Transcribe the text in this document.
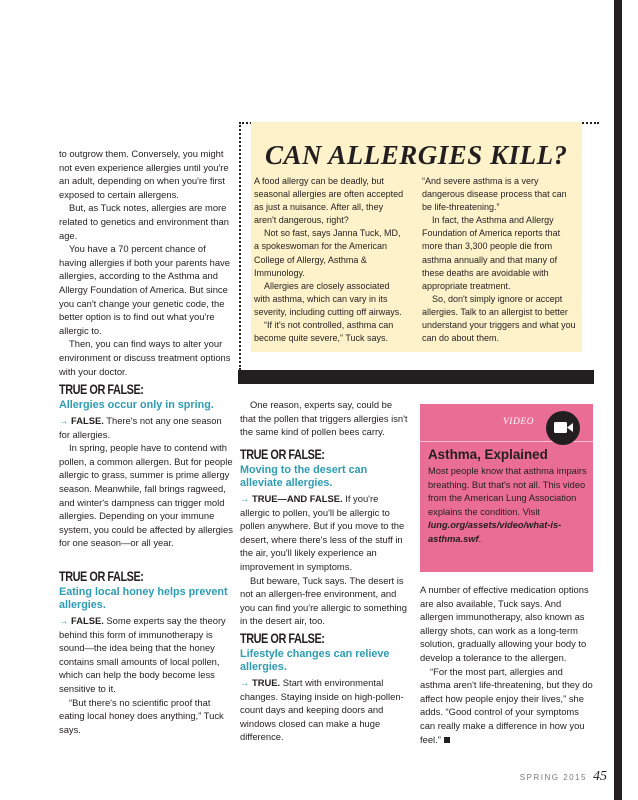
to outgrow them. Conversely, you might not even experience allergies until you're an adult, depending on when you're first exposed to certain allergens.

But, as Tuck notes, allergies are more related to genetics and environment than age.

You have a 70 percent chance of having allergies if both your parents have allergies, according to the Asthma and Allergy Foundation of America. But since you can't change your genetic code, the better option is to find out what you're allergic to.

Then, you can find ways to alter your environment or discuss treatment options with your doctor.

CAN ALLERGIES KILL?

A food allergy can be deadly, but seasonal allergies are often accepted as just a nuisance. After all, they aren't dangerous, right?

Not so fast, says Janna Tuck, MD, a spokeswoman for the American College of Allergy, Asthma & Immunology.

Allergies are closely associated with asthma, which can vary in its severity, including cutting off airways.

“If it's not controlled, asthma can become quite severe,” Tuck says.

“And severe asthma is a very dangerous disease process that can be life-threatening.”

In fact, the Asthma and Allergy Foundation of America reports that more than 3,300 people die from asthma annually and that many of these deaths are avoidable with appropriate treatment.

So, don't simply ignore or accept allergies. Talk to an allergist to better understand your triggers and what you can do about them.

TRUE OR FALSE:
Allergies occur only in spring.

→ FALSE. There's not any one season for allergies.

In spring, people have to contend with pollen, a common allergen. But for people allergic to grass, summer is prime allergy season. Meanwhile, fall brings ragweed, and winter's dampness can trigger mold allergies. Depending on your immune system, you could be affected by allergies for one season—or all year.

TRUE OR FALSE:
Eating local honey helps prevent allergies.

→ FALSE. Some experts say the theory behind this form of immunotherapy is sound—the idea being that the honey contains small amounts of local pollen, which can help the body become less sensitive to it.

“But there's no scientific proof that eating local honey does anything,” Tuck says.

One reason, experts say, could be that the pollen that triggers allergies isn't the same kind of pollen bees carry.

TRUE OR FALSE:
Moving to the desert can alleviate allergies.

→ TRUE—AND FALSE. If you're allergic to pollen, you'll be allergic to pollen anywhere. But if you move to the desert, where there's less of the stuff in the air, you'll likely experience an improvement in symptoms.

But beware, Tuck says. The desert is not an allergen-free environment, and you can find you're allergic to something in the desert air, too.

TRUE OR FALSE:
Lifestyle changes can relieve allergies.

→ TRUE. Start with environmental changes. Staying inside on high-pollen-count days and keeping doors and windows closed can make a huge difference.

VIDEO
Asthma, Explained

Most people know that asthma impairs breathing. But that's not all. This video from the American Lung Association explains the condition. Visit lung.org/assets/video/what-is-asthma.swf.

A number of effective medication options are also available, Tuck says. And allergen immunotherapy, also known as allergy shots, can work as a long-term solution, gradually allowing your body to develop a tolerance to the allergen.

“For the most part, allergies and asthma aren't life-threatening, but they do affect how people enjoy their lives,” she adds. “Good control of your symptoms can really make a difference in how you feel.”

SPRING 2015 45
